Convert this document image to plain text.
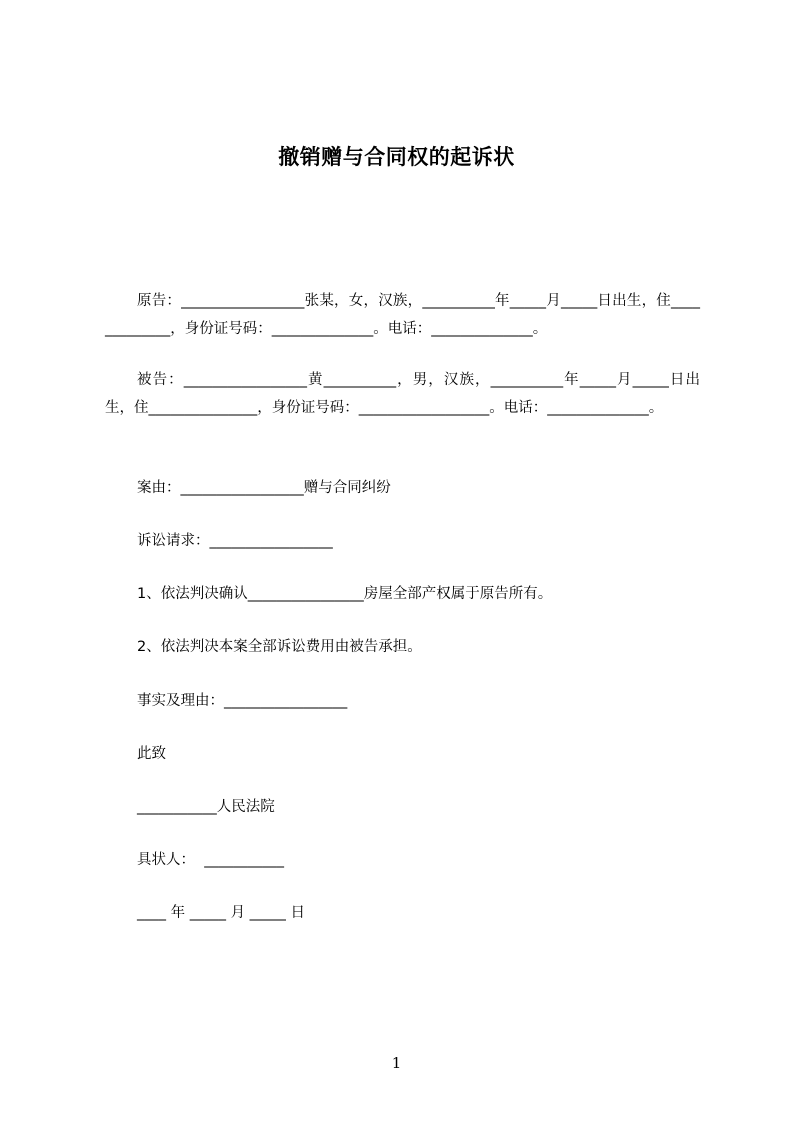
撤销赠与合同权的起诉状
原告：_________________张某，女，汉族，__________年_____月_____日出生，住_____________，身份证号码：______________。电话：______________。
被告：_________________黄__________，男，汉族，__________年_____月_____日出生，住_______________，身份证号码：__________________。电话：______________。
案由：_________________赠与合同纠纷
诉讼请求：_________________
1、依法判决确认________________房屋全部产权属于原告所有。
2、依法判决本案全部诉讼费用由被告承担。
事实及理由：_________________
此致
___________人民法院
具状人：  ___________
____ 年 _____ 月 _____ 日
1
